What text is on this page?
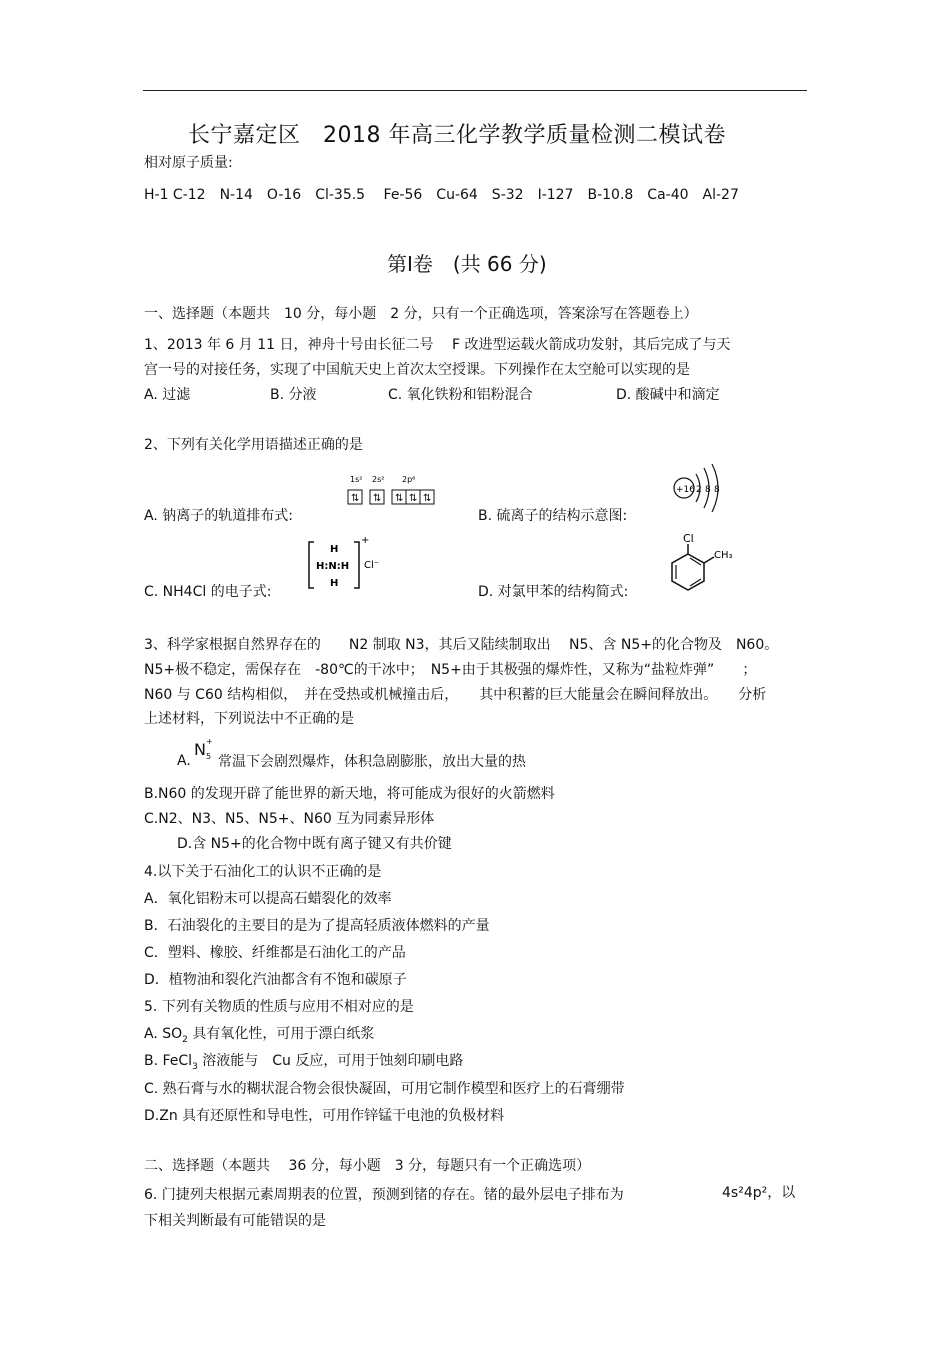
长宁嘉定区　2018 年高三化学教学质量检测二模试卷
相对原子质量:
H-1 C-12　N-14　O-16　Cl-35.5　 Fe-56　Cu-64　S-32　I-127　B-10.8　Ca-40　Al-27
第Ⅰ卷　(共 66 分)
一、选择题（本题共　10 分，每小题　2 分，只有一个正确选项，答案涂写在答题卷上）
1、2013 年 6 月 11 日，神舟十号由长征二号　 F 改进型运载火箭成功发射，其后完成了与天
宫一号的对接任务，实现了中国航天史上首次太空授课。下列操作在太空舱可以实现的是
A. 过滤	B. 分液	C. 氧化铁粉和铝粉混合	D. 酸碱中和滴定
2、下列有关化学用语描述正确的是
A. 钠离子的轨道排布式:	B. 硫离子的结构示意图:
1s² 2s² 2p⁶
⇅ ⇅ ⇅ ⇅ ⇅
+16 2 8 8
C. NH4Cl 的电子式:	D. 对氯甲苯的结构简式:
H
H:N:H
H
+
Cl⁻
Cl
CH₃
3、科学家根据自然界存在的　　N2 制取 N3，其后又陆续制取出　 N5、含 N5+的化合物及　N60。
N5+极不稳定，需保存在　-80℃的干冰中；　N5+由于其极强的爆炸性，又称为“盐粒炸弹”　　；
N60 与 C60 结构相似，　并在受热或机械撞击后，　　其中积蓄的巨大能量会在瞬间释放出。　　分析
上述材料，下列说法中不正确的是
A.
N +
5 常温下会剧烈爆炸，体积急剧膨胀，放出大量的热
B.N60 的发现开辟了能世界的新天地，将可能成为很好的火箭燃料
C.N2、N3、N5、N5+、N60 互为同素异形体
D.含 N5+的化合物中既有离子键又有共价键
4.以下关于石油化工的认识不正确的是
A．氧化铝粉末可以提高石蜡裂化的效率
B．石油裂化的主要目的是为了提高轻质液体燃料的产量
C．塑料、橡胶、纤维都是石油化工的产品
D．植物油和裂化汽油都含有不饱和碳原子
5. 下列有关物质的性质与应用不相对应的是
A. $SO_2$ 具有氧化性，可用于漂白纸浆
B. FeCl$_3$ 溶液能与　Cu 反应，可用于蚀刻印刷电路
C. 熟石膏与水的糊状混合物会很快凝固，可用它制作模型和医疗上的石膏绷带
D.Zn 具有还原性和导电性，可用作锌锰干电池的负极材料
二、选择题（本题共　 36 分，每小题　3 分，每题只有一个正确选项）
6. 门捷列夫根据元素周期表的位置，预测到锗的存在。锗的最外层电子排布为	4s²4p²，以
下相关判断最有可能错误的是
